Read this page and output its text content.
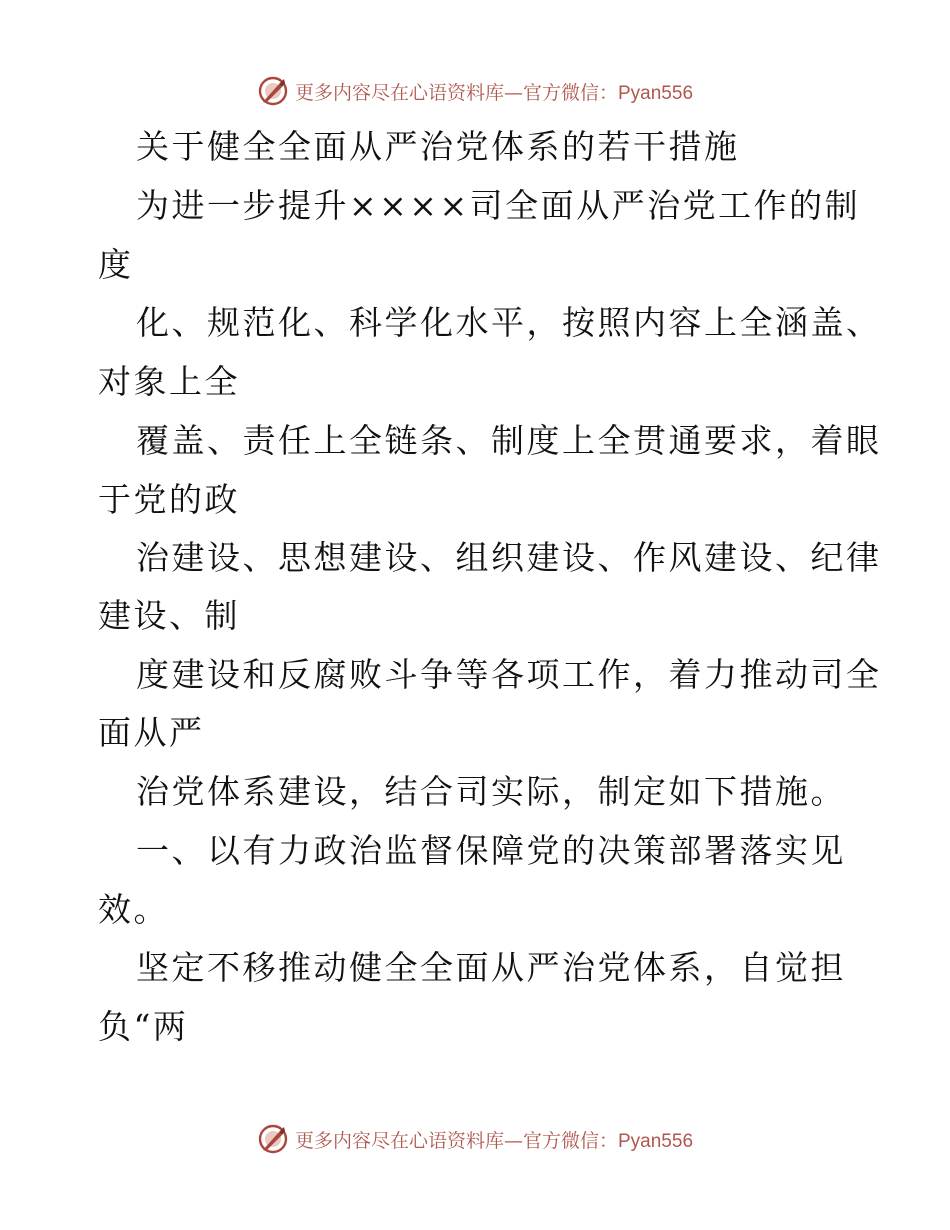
更多内容尽在心语资料库—官方微信：Pyan556
关于健全全面从严治党体系的若干措施
为进一步提升××××司全面从严治党工作的制
度
化、规范化、科学化水平，按照内容上全涵盖、
对象上全
覆盖、责任上全链条、制度上全贯通要求，着眼
于党的政
治建设、思想建设、组织建设、作风建设、纪律
建设、制
度建设和反腐败斗争等各项工作，着力推动司全
面从严
治党体系建设，结合司实际，制定如下措施。
一、以有力政治监督保障党的决策部署落实见
效。
坚定不移推动健全全面从严治党体系，自觉担
负“两
更多内容尽在心语资料库—官方微信：Pyan556
